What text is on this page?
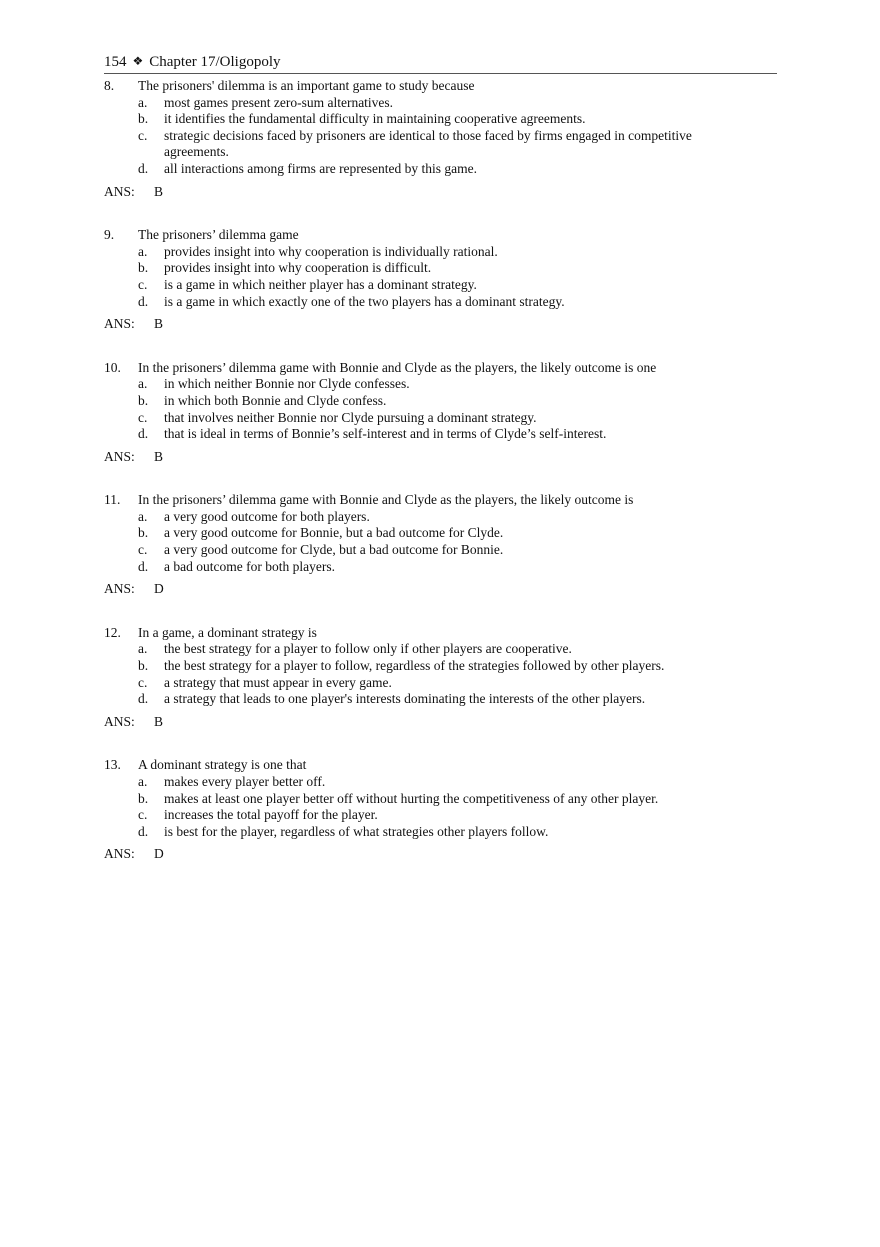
154 ❖ Chapter 17/Oligopoly
8.	The prisoners' dilemma is an important game to study because
a.	most games present zero-sum alternatives.
b.	it identifies the fundamental difficulty in maintaining cooperative agreements.
c.	strategic decisions faced by prisoners are identical to those faced by firms engaged in competitive agreements.
d.	all interactions among firms are represented by this game.
ANS:	B
9.	The prisoners’ dilemma game
a.	provides insight into why cooperation is individually rational.
b.	provides insight into why cooperation is difficult.
c.	is a game in which neither player has a dominant strategy.
d.	is a game in which exactly one of the two players has a dominant strategy.
ANS:	B
10.	In the prisoners’ dilemma game with Bonnie and Clyde as the players, the likely outcome is one
a.	in which neither Bonnie nor Clyde confesses.
b.	in which both Bonnie and Clyde confess.
c.	that involves neither Bonnie nor Clyde pursuing a dominant strategy.
d.	that is ideal in terms of Bonnie’s self-interest and in terms of Clyde’s self-interest.
ANS:	B
11.	In the prisoners’ dilemma game with Bonnie and Clyde as the players, the likely outcome is
a.	a very good outcome for both players.
b.	a very good outcome for Bonnie, but a bad outcome for Clyde.
c.	a very good outcome for Clyde, but a bad outcome for Bonnie.
d.	a bad outcome for both players.
ANS:	D
12.	In a game, a dominant strategy is
a.	the best strategy for a player to follow only if other players are cooperative.
b.	the best strategy for a player to follow, regardless of the strategies followed by other players.
c.	a strategy that must appear in every game.
d.	a strategy that leads to one player's interests dominating the interests of the other players.
ANS:	B
13.	A dominant strategy is one that
a.	makes every player better off.
b.	makes at least one player better off without hurting the competitiveness of any other player.
c.	increases the total payoff for the player.
d.	is best for the player, regardless of what strategies other players follow.
ANS:	D
